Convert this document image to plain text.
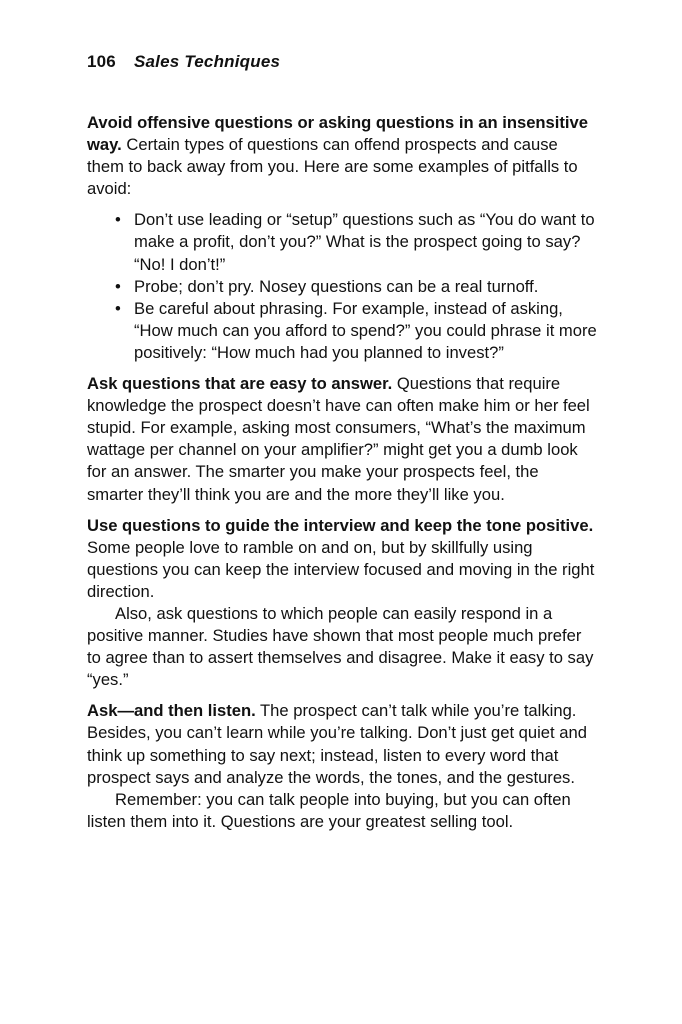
106 Sales Techniques

Avoid offensive questions or asking questions in an insensitive way. Certain types of questions can offend prospects and cause them to back away from you. Here are some examples of pitfalls to avoid:

• Don’t use leading or “setup” questions such as “You do want to make a profit, don’t you?” What is the prospect going to say? “No! I don’t!”
• Probe; don’t pry. Nosey questions can be a real turnoff.
• Be careful about phrasing. For example, instead of asking, “How much can you afford to spend?” you could phrase it more positively: “How much had you planned to invest?”

Ask questions that are easy to answer. Questions that require knowledge the prospect doesn’t have can often make him or her feel stupid. For example, asking most consumers, “What’s the maximum wattage per channel on your amplifier?” might get you a dumb look for an answer. The smarter you make your prospects feel, the smarter they’ll think you are and the more they’ll like you.

Use questions to guide the interview and keep the tone positive. Some people love to ramble on and on, but by skillfully using questions you can keep the interview focused and moving in the right direction.

Also, ask questions to which people can easily respond in a positive manner. Studies have shown that most people much prefer to agree than to assert themselves and disagree. Make it easy to say “yes.”

Ask—and then listen. The prospect can’t talk while you’re talking. Besides, you can’t learn while you’re talking. Don’t just get quiet and think up something to say next; instead, listen to every word that prospect says and analyze the words, the tones, and the gestures.

Remember: you can talk people into buying, but you can often listen them into it. Questions are your greatest selling tool.
